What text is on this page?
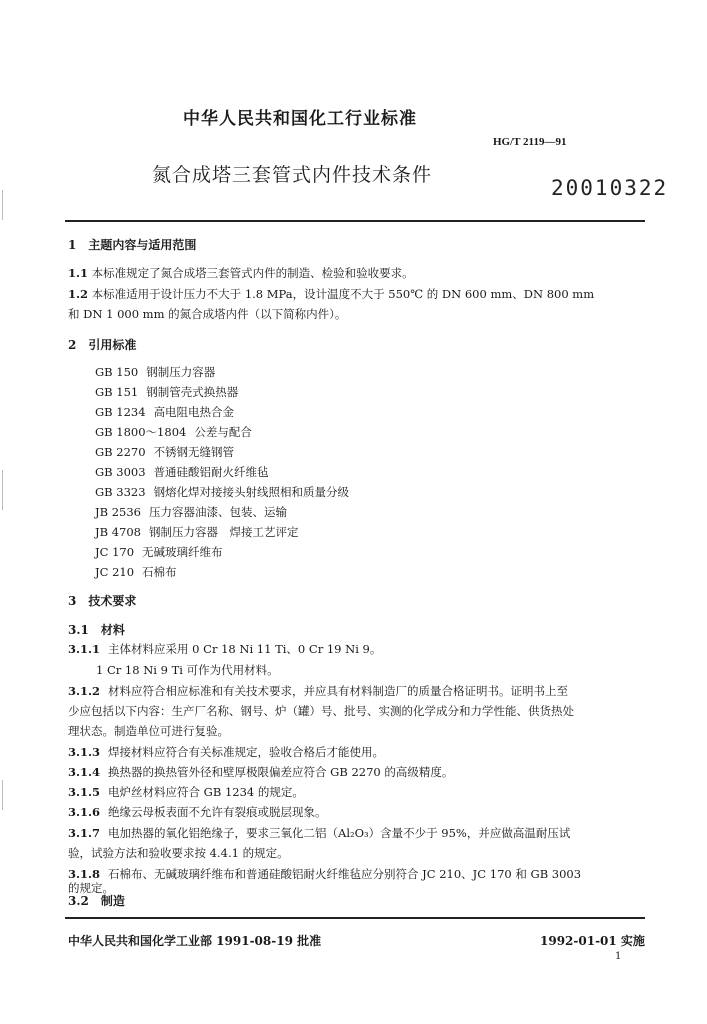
中华人民共和国化工行业标准
HG/T 2119—91
氮合成塔三套管式内件技术条件
20010322
1　主题内容与适用范围
1.1 本标准规定了氮合成塔三套管式内件的制造、检验和验收要求。
1.2 本标准适用于设计压力不大于 1.8 MPa，设计温度不大于 550℃ 的 DN 600 mm、DN 800 mm
和 DN 1 000 mm 的氮合成塔内件（以下简称内件）。
2　引用标准
GB 150 钢制压力容器
GB 151 钢制管壳式换热器
GB 1234 高电阻电热合金
GB 1800～1804 公差与配合
GB 2270 不锈钢无缝钢管
GB 3003 普通硅酸铝耐火纤维毡
GB 3323 钢熔化焊对接接头射线照相和质量分级
JB 2536 压力容器油漆、包装、运输
JB 4708 钢制压力容器　焊接工艺评定
JC 170 无碱玻璃纤维布
JC 210 石棉布
3　技术要求
3.1　材料
3.1.1 主体材料应采用 0 Cr 18 Ni 11 Ti、0 Cr 19 Ni 9。
1 Cr 18 Ni 9 Ti 可作为代用材料。
3.1.2 材料应符合相应标准和有关技术要求，并应具有材料制造厂的质量合格证明书。证明书上至
少应包括以下内容：生产厂名称、钢号、炉（罐）号、批号、实测的化学成分和力学性能、供货热处
理状态。制造单位可进行复验。
3.1.3 焊接材料应符合有关标准规定，验收合格后才能使用。
3.1.4 换热器的换热管外径和壁厚极限偏差应符合 GB 2270 的高级精度。
3.1.5 电炉丝材料应符合 GB 1234 的规定。
3.1.6 绝缘云母板表面不允许有裂痕或脱层现象。
3.1.7 电加热器的氧化铝绝缘子，要求三氧化二铝（Al₂O₃）含量不少于 95%，并应做高温耐压试
验，试验方法和验收要求按 4.4.1 的规定。
3.1.8 石棉布、无碱玻璃纤维布和普通硅酸铝耐火纤维毡应分别符合 JC 210、JC 170 和 GB 3003
的规定。
3.2　制造
中华人民共和国化学工业部 1991-08-19 批准	1992-01-01 实施
1
